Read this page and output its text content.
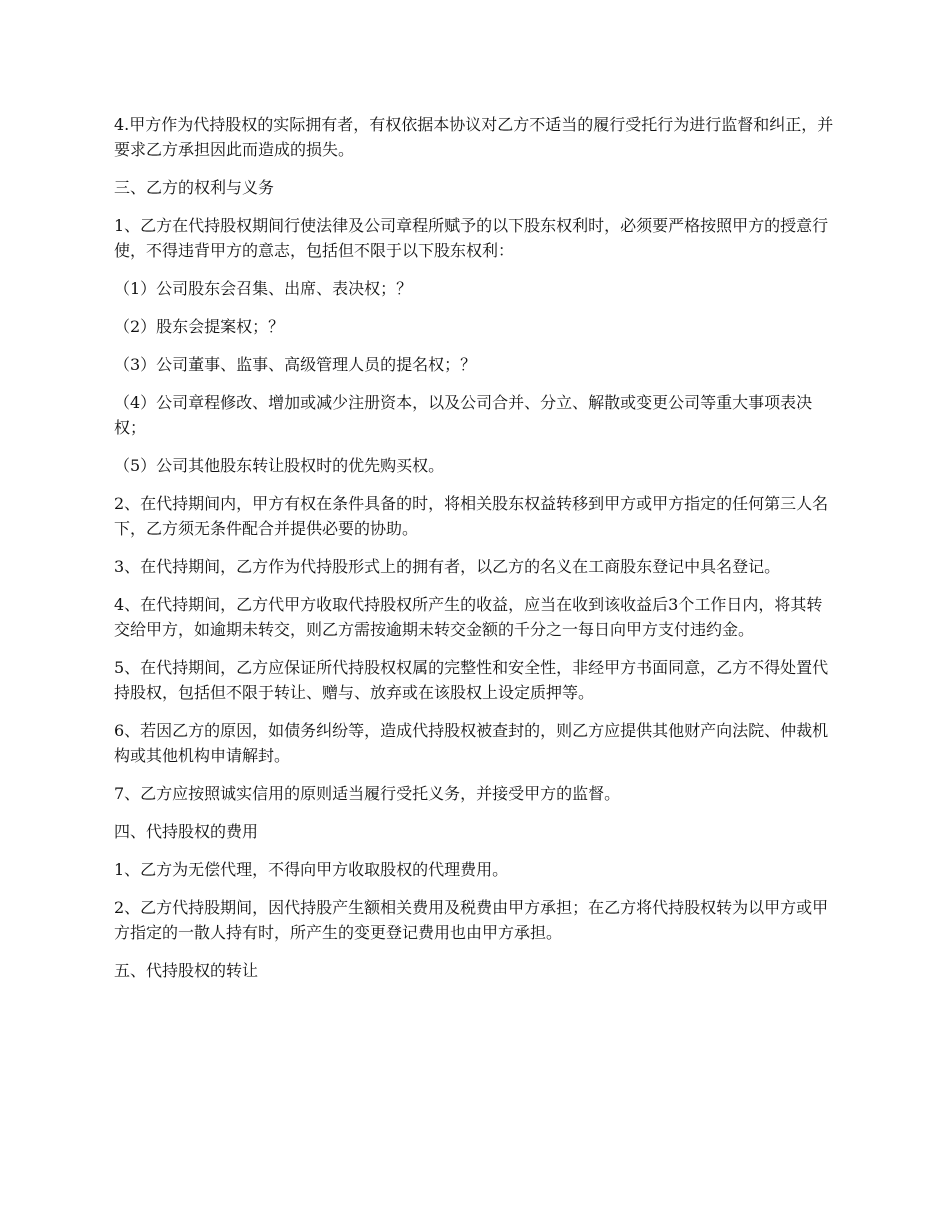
4.甲方作为代持股权的实际拥有者，有权依据本协议对乙方不适当的履行受托行为进行监督和纠正，并要求乙方承担因此而造成的损失。

三、乙方的权利与义务

1、乙方在代持股权期间行使法律及公司章程所赋予的以下股东权利时，必须要严格按照甲方的授意行使，不得违背甲方的意志，包括但不限于以下股东权利：

（1）公司股东会召集、出席、表决权；？

（2）股东会提案权；？

（3）公司董事、监事、高级管理人员的提名权；？

（4）公司章程修改、增加或减少注册资本，以及公司合并、分立、解散或变更公司等重大事项表决权；

（5）公司其他股东转让股权时的优先购买权。

2、在代持期间内，甲方有权在条件具备的时，将相关股东权益转移到甲方或甲方指定的任何第三人名下，乙方须无条件配合并提供必要的协助。

3、在代持期间，乙方作为代持股形式上的拥有者，以乙方的名义在工商股东登记中具名登记。

4、在代持期间，乙方代甲方收取代持股权所产生的收益，应当在收到该收益后3个工作日内，将其转交给甲方，如逾期未转交，则乙方需按逾期未转交金额的千分之一每日向甲方支付违约金。

5、在代持期间，乙方应保证所代持股权权属的完整性和安全性，非经甲方书面同意，乙方不得处置代持股权，包括但不限于转让、赠与、放弃或在该股权上设定质押等。

6、若因乙方的原因，如债务纠纷等，造成代持股权被查封的，则乙方应提供其他财产向法院、仲裁机构或其他机构申请解封。

7、乙方应按照诚实信用的原则适当履行受托义务，并接受甲方的监督。

四、代持股权的费用

1、乙方为无偿代理，不得向甲方收取股权的代理费用。

2、乙方代持股期间，因代持股产生额相关费用及税费由甲方承担；在乙方将代持股权转为以甲方或甲方指定的一散人持有时，所产生的变更登记费用也由甲方承担。

五、代持股权的转让
